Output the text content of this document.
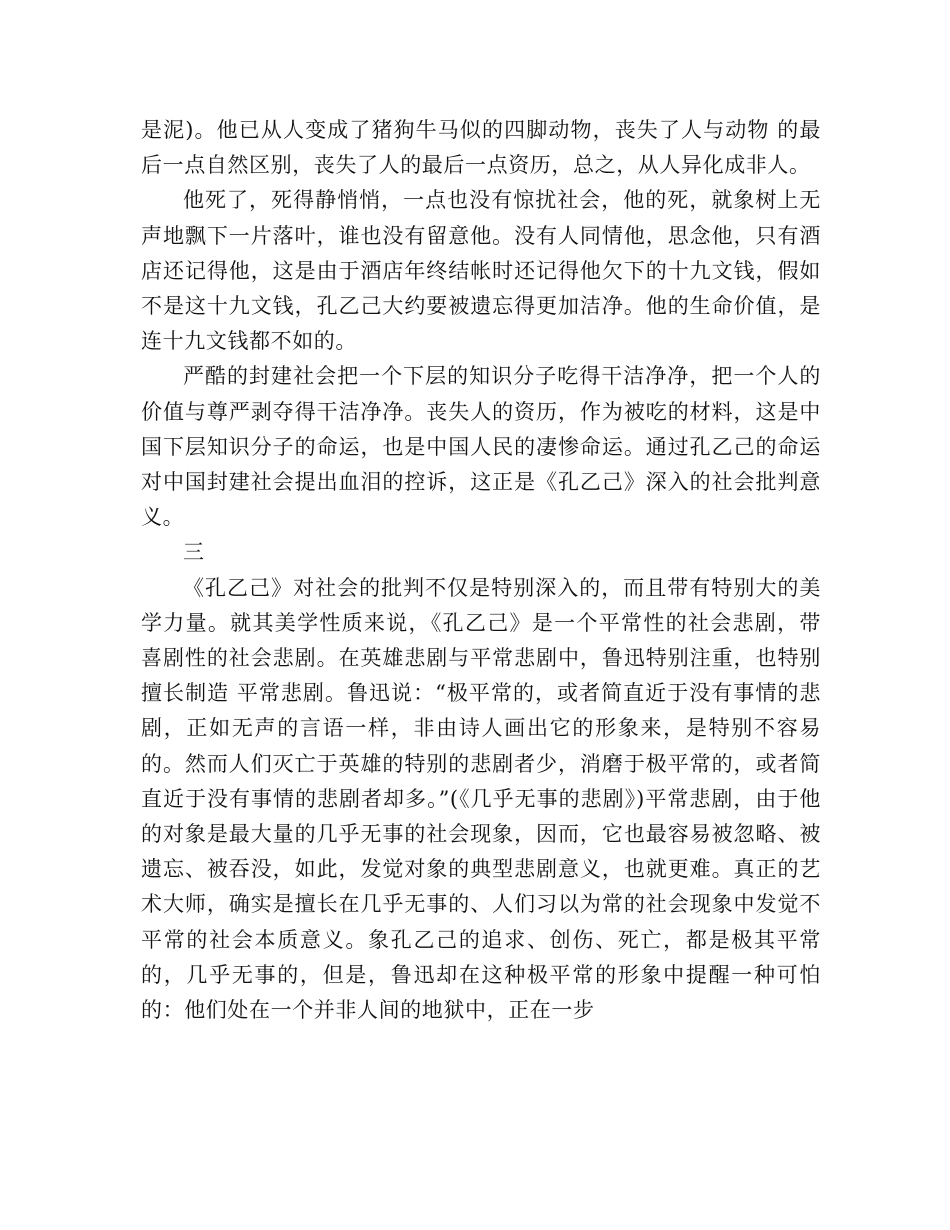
是泥)。他已从人变成了猪狗牛马似的四脚动物，丧失了人与动物 的最后一点自然区别，丧失了人的最后一点资历，总之，从人异化成非人。

他死了，死得静悄悄，一点也没有惊扰社会，他的死，就象树上无声地飘下一片落叶，谁也没有留意他。没有人同情他，思念他，只有酒店还记得他，这是由于酒店年终结帐时还记得他欠下的十九文钱，假如不是这十九文钱，孔乙己大约要被遗忘得更加洁净。他的生命价值，是连十九文钱都不如的。

严酷的封建社会把一个下层的知识分子吃得干洁净净，把一个人的价值与尊严剥夺得干洁净净。丧失人的资历，作为被吃的材料，这是中国下层知识分子的命运，也是中国人民的凄惨命运。通过孔乙己的命运对中国封建社会提出血泪的控诉，这正是《孔乙己》深入的社会批判意义。

三

《孔乙己》对社会的批判不仅是特别深入的，而且带有特别大的美学力量。就其美学性质来说，《孔乙己》是一个平常性的社会悲剧，带喜剧性的社会悲剧。在英雄悲剧与平常悲剧中，鲁迅特别注重，也特别擅长制造 平常悲剧。鲁迅说：“极平常的，或者简直近于没有事情的悲剧，正如无声的言语一样，非由诗人画出它的形象来，是特别不容易的。然而人们灭亡于英雄的特别的悲剧者少，消磨于极平常的，或者简直近于没有事情的悲剧者却多。”(《几乎无事的悲剧》)平常悲剧，由于他的对象是最大量的几乎无事的社会现象，因而，它也最容易被忽略、被遗忘、被吞没，如此，发觉对象的典型悲剧意义，也就更难。真正的艺术大师，确实是擅长在几乎无事的、人们习以为常的社会现象中发觉不平常的社会本质意义。象孔乙己的追求、创伤、死亡，都是极其平常的，几乎无事的，但是，鲁迅却在这种极平常的形象中提醒一种可怕的：他们处在一个并非人间的地狱中，正在一步
